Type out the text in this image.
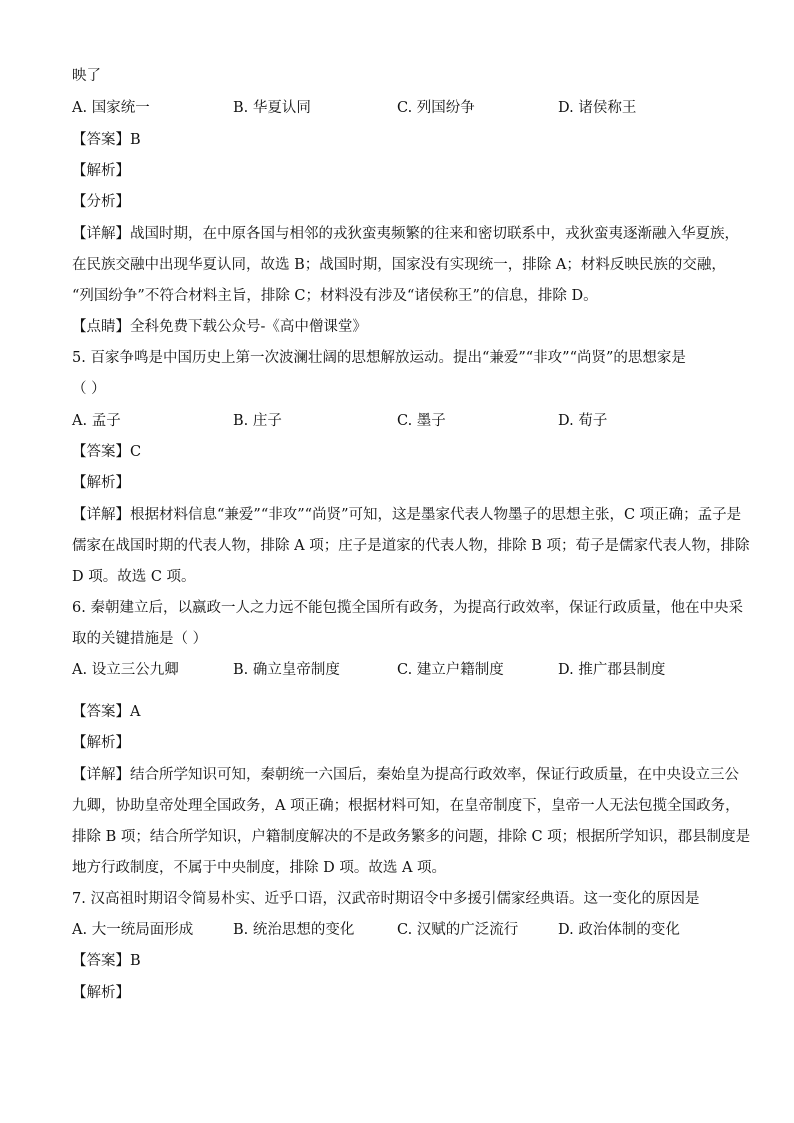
映了
A. 国家统一	B. 华夏认同	C. 列国纷争	D. 诸侯称王
【答案】B
【解析】
【分析】
【详解】战国时期，在中原各国与相邻的戎狄蛮夷频繁的往来和密切联系中，戎狄蛮夷逐渐融入华夏族，
在民族交融中出现华夏认同，故选 B；战国时期，国家没有实现统一，排除 A；材料反映民族的交融，
“列国纷争”不符合材料主旨，排除 C；材料没有涉及“诸侯称王”的信息，排除 D。
【点睛】全科免费下载公众号-《高中僧课堂》
5. 百家争鸣是中国历史上第一次波澜壮阔的思想解放运动。提出“兼爱”“非攻”“尚贤”的思想家是
（ ）
A. 孟子	B. 庄子	C. 墨子	D. 荀子
【答案】C
【解析】
【详解】根据材料信息“兼爱”“非攻”“尚贤”可知，这是墨家代表人物墨子的思想主张，C 项正确；孟子是
儒家在战国时期的代表人物，排除 A 项；庄子是道家的代表人物，排除 B 项；荀子是儒家代表人物，排除
D 项。故选 C 项。
6. 秦朝建立后，以嬴政一人之力远不能包揽全国所有政务，为提高行政效率，保证行政质量，他在中央采
取的关键措施是（ ）
A. 设立三公九卿	B. 确立皇帝制度	C. 建立户籍制度	D. 推广郡县制度
【答案】A
【解析】
【详解】结合所学知识可知，秦朝统一六国后，秦始皇为提高行政效率，保证行政质量，在中央设立三公
九卿，协助皇帝处理全国政务，A 项正确；根据材料可知，在皇帝制度下，皇帝一人无法包揽全国政务，
排除 B 项；结合所学知识，户籍制度解决的不是政务繁多的问题，排除 C 项；根据所学知识，郡县制度是
地方行政制度，不属于中央制度，排除 D 项。故选 A 项。
7. 汉高祖时期诏令简易朴实、近乎口语，汉武帝时期诏令中多援引儒家经典语。这一变化的原因是
A. 大一统局面形成	B. 统治思想的变化	C. 汉赋的广泛流行	D. 政治体制的变化
【答案】B
【解析】
